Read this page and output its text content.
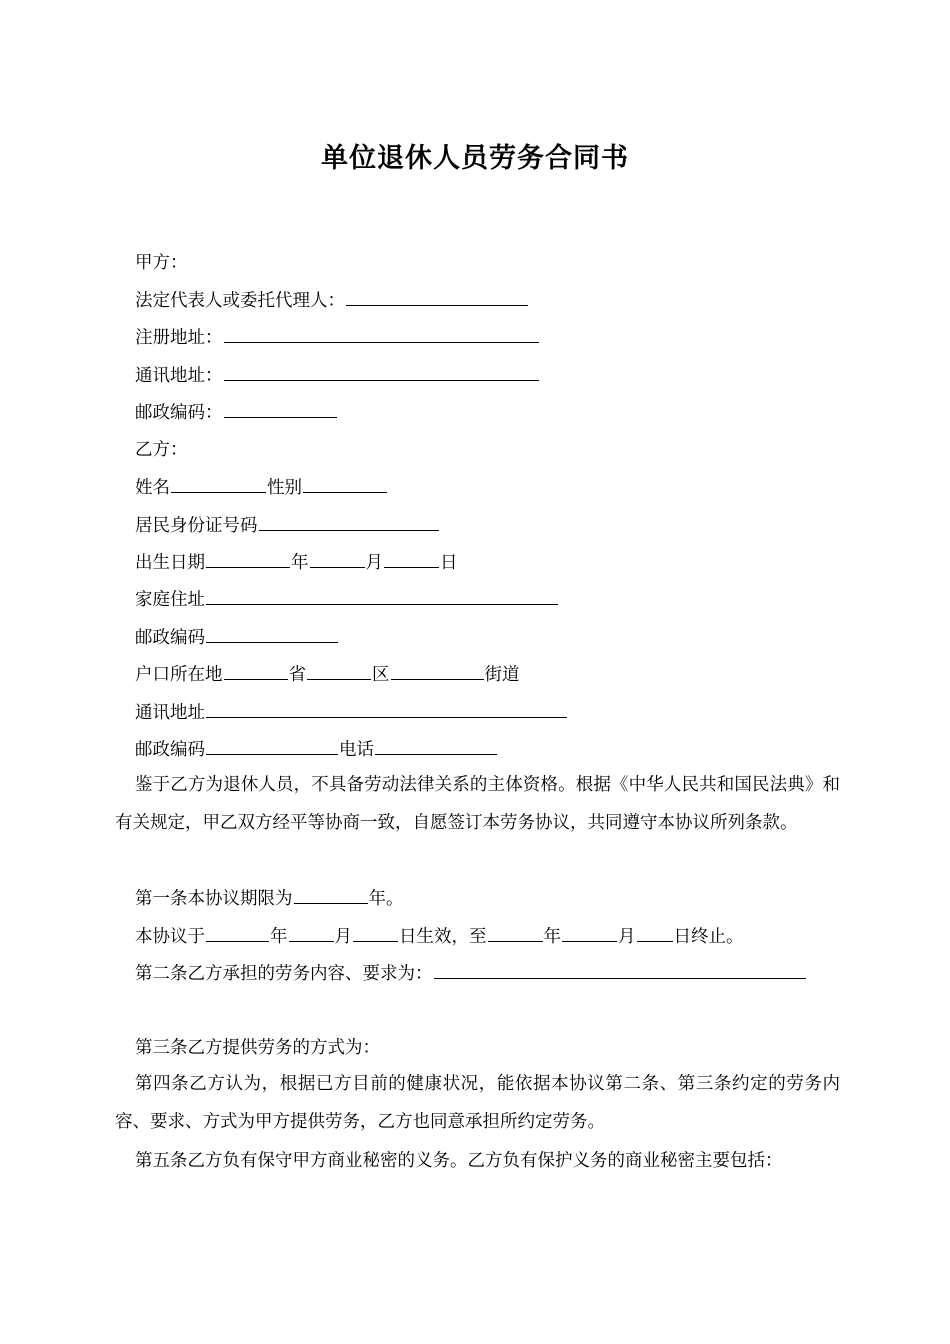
单位退休人员劳务合同书
甲方：
法定代表人或委托代理人：
注册地址：
通讯地址：
邮政编码：
乙方：
姓名	性别
居民身份证号码
出生日期	年	月	日
家庭住址
邮政编码
户口所在地	省	区	街道
通讯地址
邮政编码	电话
鉴于乙方为退休人员，不具备劳动法律关系的主体资格。根据《中华人民共和国民法典》和有关规定，甲乙双方经平等协商一致，自愿签订本劳务协议，共同遵守本协议所列条款。
第一条本协议期限为	年。
本协议于	年	月	日生效，至	年	月 日终止。
第二条乙方承担的劳务内容、要求为：
第三条乙方提供劳务的方式为：
第四条乙方认为，根据已方目前的健康状况，能依据本协议第二条、第三条约定的劳务内容、要求、方式为甲方提供劳务，乙方也同意承担所约定劳务。
第五条乙方负有保守甲方商业秘密的义务。乙方负有保护义务的商业秘密主要包括：
